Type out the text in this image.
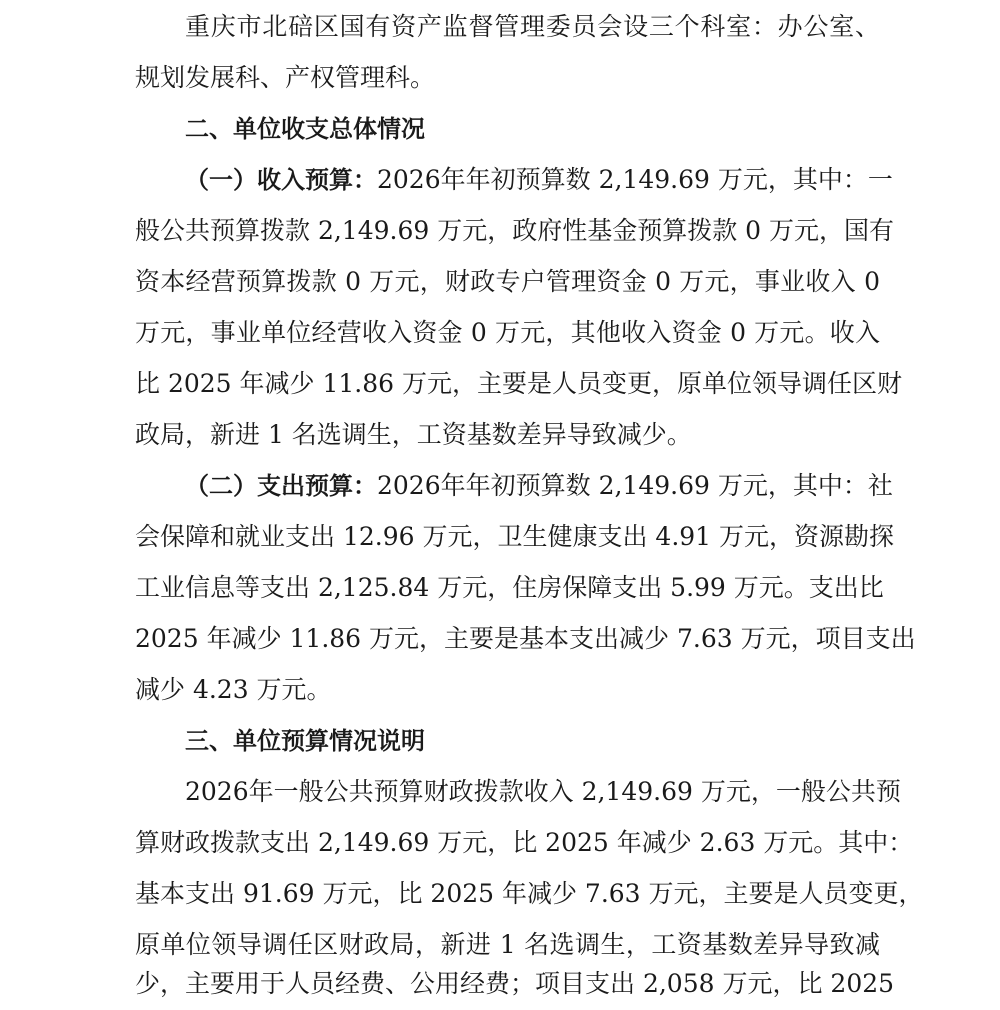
重庆市北碚区国有资产监督管理委员会设三个科室：办公室、
规划发展科、产权管理科。
二、单位收支总体情况
（一）收入预算：2026年年初预算数 2,149.69 万元，其中：一
般公共预算拨款 2,149.69 万元，政府性基金预算拨款 0 万元，国有
资本经营预算拨款 0 万元，财政专户管理资金 0 万元，事业收入 0
万元，事业单位经营收入资金 0 万元，其他收入资金 0 万元。收入
比 2025 年减少 11.86 万元，主要是人员变更，原单位领导调任区财
政局，新进 1 名选调生，工资基数差异导致减少。
（二）支出预算：2026年年初预算数 2,149.69 万元，其中：社
会保障和就业支出 12.96 万元，卫生健康支出 4.91 万元，资源勘探
工业信息等支出 2,125.84 万元，住房保障支出 5.99 万元。支出比
2025 年减少 11.86 万元，主要是基本支出减少 7.63 万元，项目支出
减少 4.23 万元。
三、单位预算情况说明
2026年一般公共预算财政拨款收入 2,149.69 万元，一般公共预
算财政拨款支出 2,149.69 万元，比 2025 年减少 2.63 万元。其中：
基本支出 91.69 万元，比 2025 年减少 7.63 万元，主要是人员变更，
原单位领导调任区财政局，新进 1 名选调生，工资基数差异导致减
少，主要用于人员经费、公用经费；项目支出 2,058 万元，比 2025
